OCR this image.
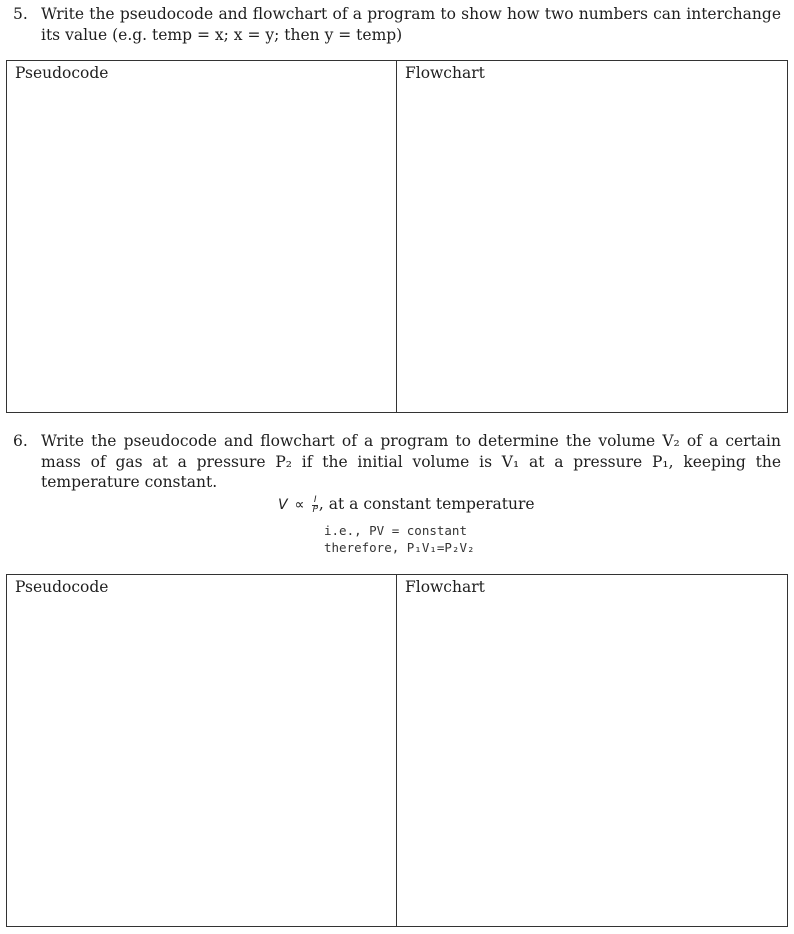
5. Write the pseudocode and flowchart of a program to show how two numbers can interchange its value (e.g. temp = x; x = y; then y = temp)
Pseudocode	Flowchart
6. Write the pseudocode and flowchart of a program to determine the volume V₂ of a certain mass of gas at a pressure P₂ if the initial volume is V₁ at a pressure P₁, keeping the temperature constant.
$V \propto \frac{I}{P}$ , at a constant temperature
i.e., PV = constant
therefore, P₁V₁=P₂V₂
Pseudocode	Flowchart
